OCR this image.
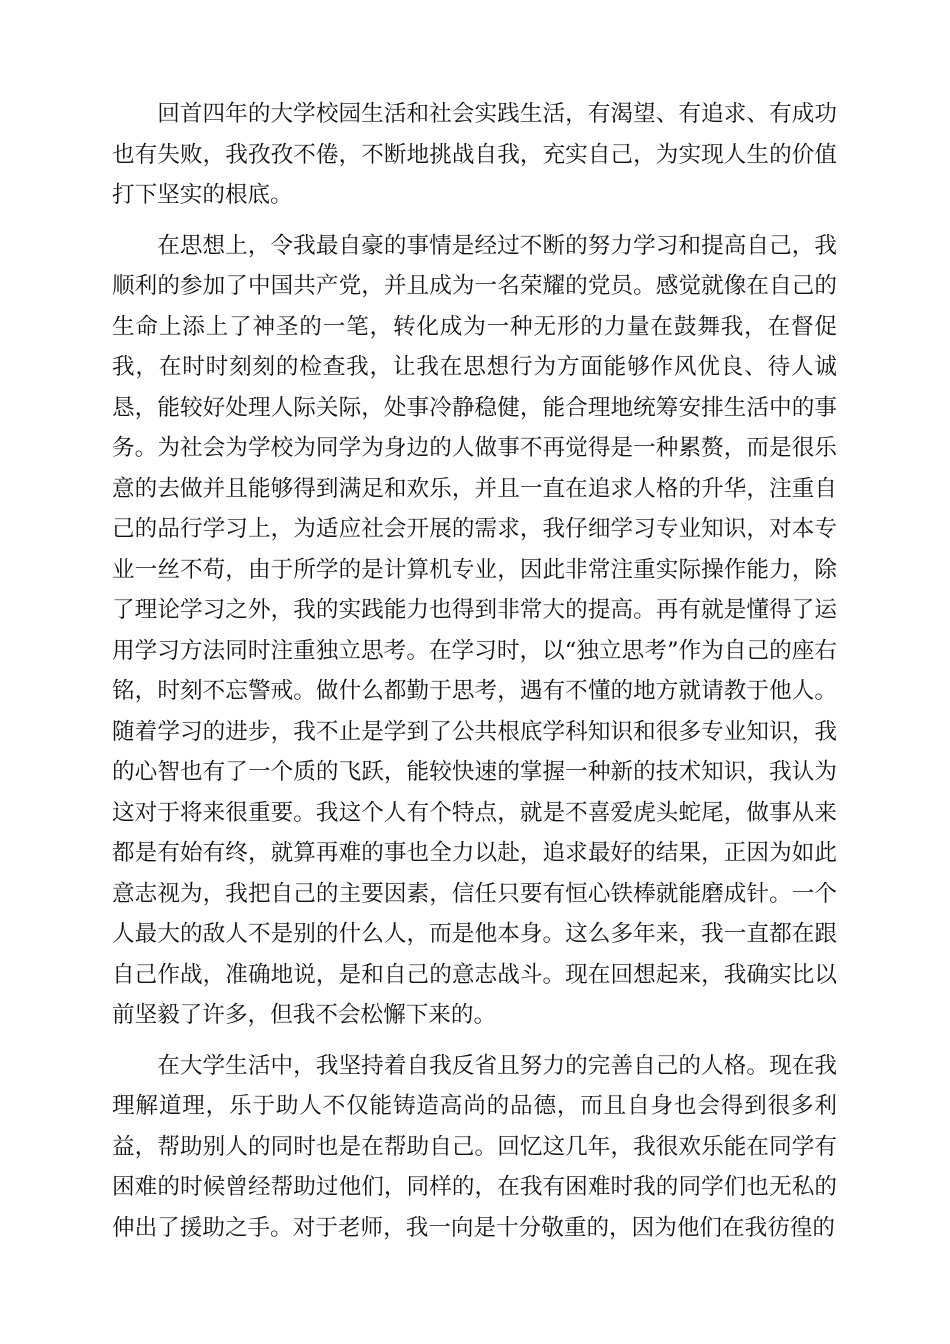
回首四年的大学校园生活和社会实践生活，有渴望、有追求、有成功也有失败，我孜孜不倦，不断地挑战自我，充实自己，为实现人生的价值打下坚实的根底。

在思想上，令我最自豪的事情是经过不断的努力学习和提高自己，我顺利的参加了中国共产党，并且成为一名荣耀的党员。感觉就像在自己的生命上添上了神圣的一笔，转化成为一种无形的力量在鼓舞我，在督促我，在时时刻刻的检查我，让我在思想行为方面能够作风优良、待人诚恳，能较好处理人际关际，处事冷静稳健，能合理地统筹安排生活中的事务。为社会为学校为同学为身边的人做事不再觉得是一种累赘，而是很乐意的去做并且能够得到满足和欢乐，并且一直在追求人格的升华，注重自己的品行学习上，为适应社会开展的需求，我仔细学习专业知识，对本专业一丝不苟，由于所学的是计算机专业，因此非常注重实际操作能力，除了理论学习之外，我的实践能力也得到非常大的提高。再有就是懂得了运用学习方法同时注重独立思考。在学习时，以“独立思考”作为自己的座右铭，时刻不忘警戒。做什么都勤于思考，遇有不懂的地方就请教于他人。随着学习的进步，我不止是学到了公共根底学科知识和很多专业知识，我的心智也有了一个质的飞跃，能较快速的掌握一种新的技术知识，我认为这对于将来很重要。我这个人有个特点，就是不喜爱虎头蛇尾，做事从来都是有始有终，就算再难的事也全力以赴，追求最好的结果，正因为如此意志视为，我把自己的主要因素，信任只要有恒心铁棒就能磨成针。一个人最大的敌人不是别的什么人，而是他本身。这么多年来，我一直都在跟自己作战，准确地说，是和自己的意志战斗。现在回想起来，我确实比以前坚毅了许多，但我不会松懈下来的。

在大学生活中，我坚持着自我反省且努力的完善自己的人格。现在我理解道理，乐于助人不仅能铸造高尚的品德，而且自身也会得到很多利益，帮助别人的同时也是在帮助自己。回忆这几年，我很欢乐能在同学有困难的时候曾经帮助过他们，同样的，在我有困难时我的同学们也无私的伸出了援助之手。对于老师，我一向是十分敬重的，因为他们在我彷徨的
